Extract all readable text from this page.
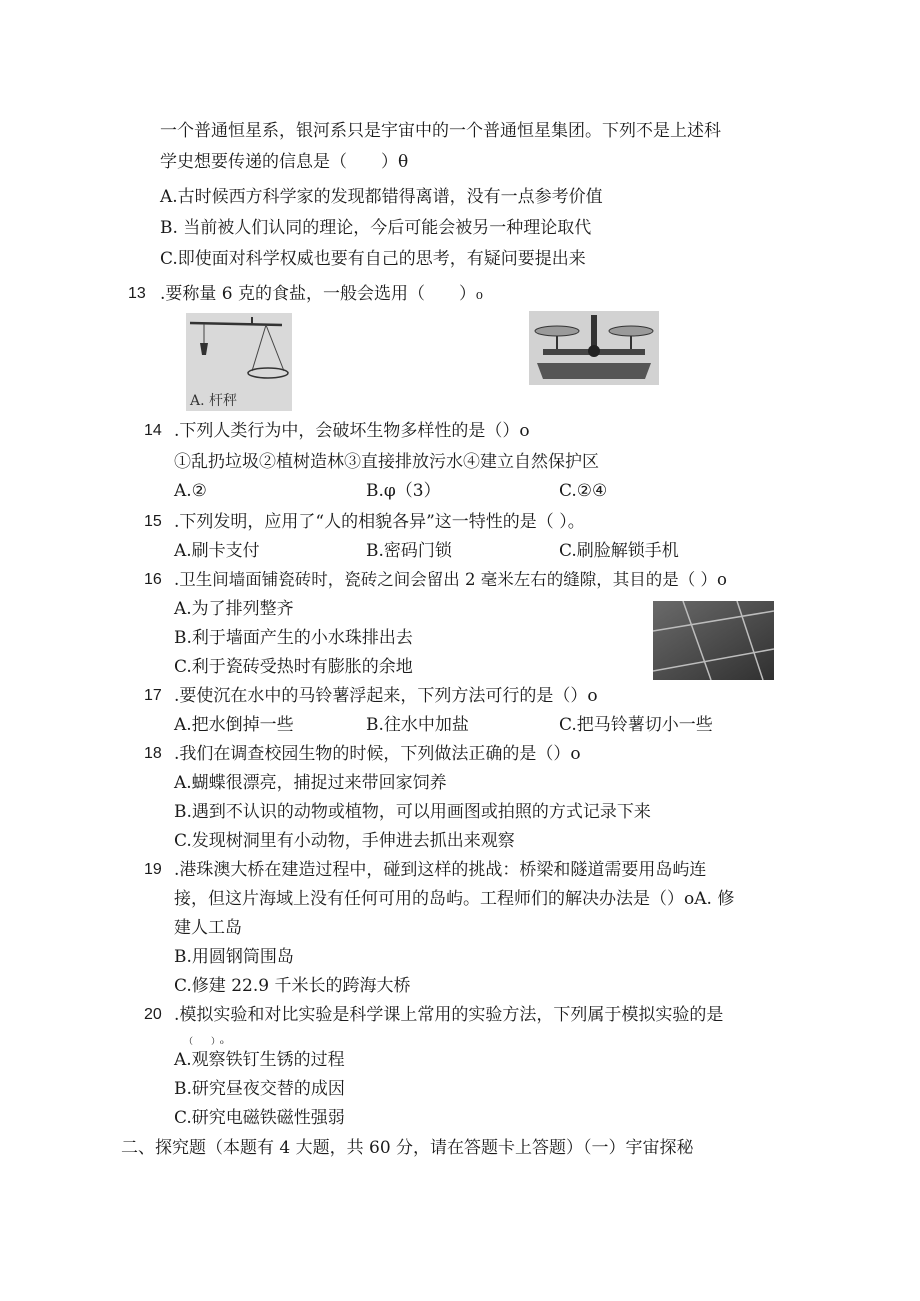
一个普通恒星系，银河系只是宇宙中的一个普通恒星集团。下列不是上述科
学史想要传递的信息是（　　）θ
A.古时候西方科学家的发现都错得离谱，没有一点参考价值
B. 当前被人们认同的理论，今后可能会被另一种理论取代
C.即使面对科学权威也要有自己的思考，有疑问要提出来
13 .要称量 6 克的食盐，一般会选用（　　）₀
A. 杆秤
14 .下列人类行为中，会破坏生物多样性的是（）o
①乱扔垃圾②植树造林③直接排放污水④建立自然保护区
A.②	B.φ（3）	C.②④
15 .下列发明，应用了“人的相貌各异”这一特性的是（ ）。
A.刷卡支付	B.密码门锁	C.刷脸解锁手机
16 .卫生间墙面铺瓷砖时，瓷砖之间会留出 2 毫米左右的缝隙，其目的是（ ）o
A.为了排列整齐
B.利于墙面产生的小水珠排出去
C.利于瓷砖受热时有膨胀的余地
17 .要使沉在水中的马铃薯浮起来，下列方法可行的是（）o
A.把水倒掉一些	B.往水中加盐	C.把马铃薯切小一些
18 .我们在调查校园生物的时候，下列做法正确的是（）o
A.蝴蝶很漂亮，捕捉过来带回家饲养
B.遇到不认识的动物或植物，可以用画图或拍照的方式记录下来
C.发现树洞里有小动物，手伸进去抓出来观察
19 .港珠澳大桥在建造过程中，碰到这样的挑战：桥梁和隧道需要用岛屿连
接，但这片海域上没有任何可用的岛屿。工程师们的解决办法是（）oA. 修
建人工岛
B.用圆钢筒围岛
C.修建 22.9 千米长的跨海大桥
20 .模拟实验和对比实验是科学课上常用的实验方法，下列属于模拟实验的是
（　　）₀
A.观察铁钉生锈的过程
B.研究昼夜交替的成因
C.研究电磁铁磁性强弱
二、探究题（本题有 4 大题，共 60 分，请在答题卡上答题）（一）宇宙探秘
